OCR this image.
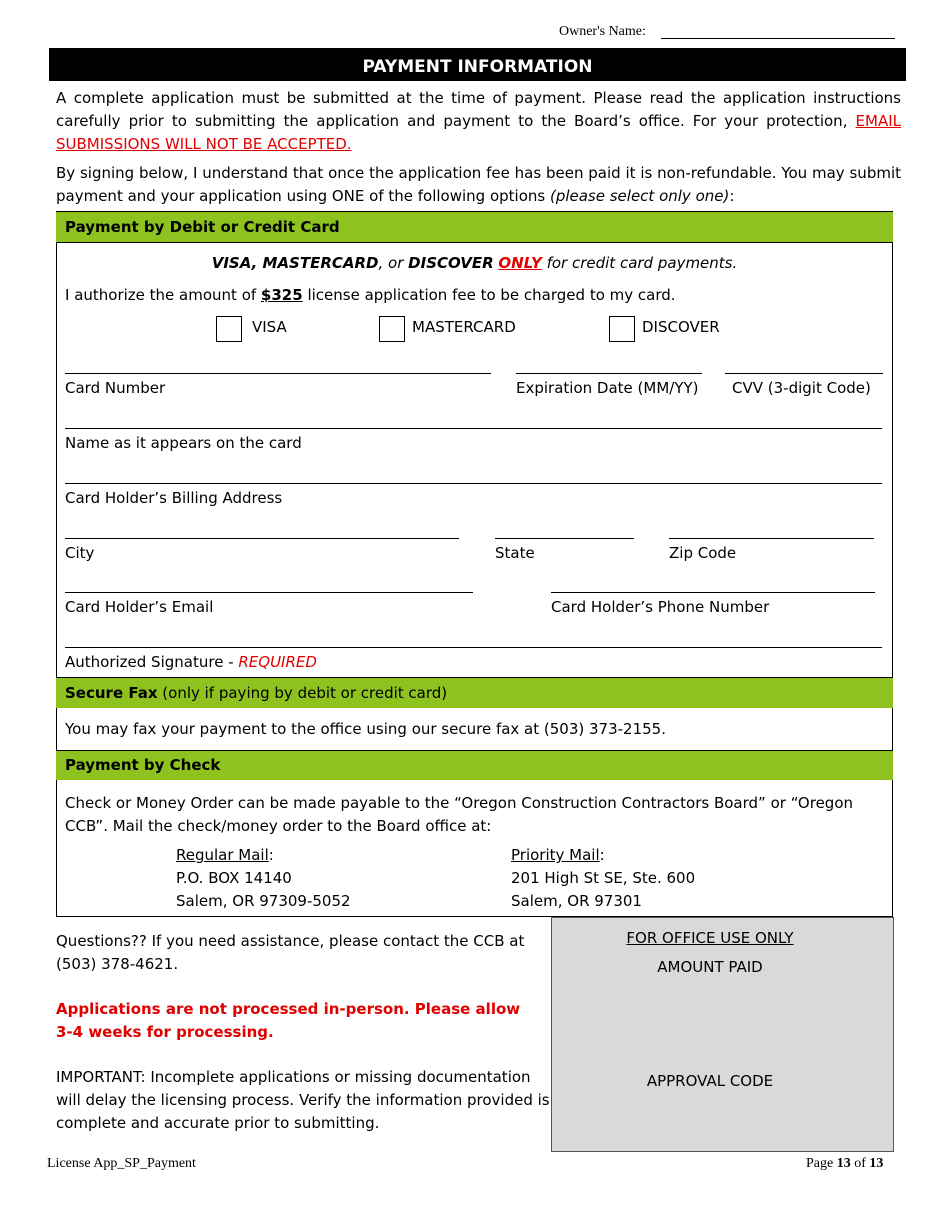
Owner's Name:
PAYMENT INFORMATION
A complete application must be submitted at the time of payment. Please read the application instructions carefully prior to submitting the application and payment to the Board’s office. For your protection, EMAIL SUBMISSIONS WILL NOT BE ACCEPTED.
By signing below, I understand that once the application fee has been paid it is non-refundable. You may submit payment and your application using ONE of the following options (please select only one):
Payment by Debit or Credit Card
VISA, MASTERCARD, or DISCOVER ONLY for credit card payments.
I authorize the amount of $325 license application fee to be charged to my card.
VISA	MASTERCARD	DISCOVER
Card Number	Expiration Date (MM/YY) CVV (3-digit Code)
Name as it appears on the card
Card Holder’s Billing Address
City	State	Zip Code
Card Holder’s Email	Card Holder’s Phone Number
Authorized Signature - REQUIRED
Secure Fax (only if paying by debit or credit card)
You may fax your payment to the office using our secure fax at (503) 373-2155.
Payment by Check
Check or Money Order can be made payable to the “Oregon Construction Contractors Board” or “Oregon CCB”. Mail the check/money order to the Board office at:
Regular Mail:
P.O. BOX 14140
Salem, OR 97309-5052
Priority Mail:
201 High St SE, Ste. 600
Salem, OR 97301
Questions?? If you need assistance, please contact the CCB at (503) 378-4621.
Applications are not processed in-person. Please allow 3-4 weeks for processing.
IMPORTANT: Incomplete applications or missing documentation will delay the licensing process. Verify the information provided is complete and accurate prior to submitting.
FOR OFFICE USE ONLY
AMOUNT PAID
APPROVAL CODE
License App_SP_Payment	Page 13 of 13
